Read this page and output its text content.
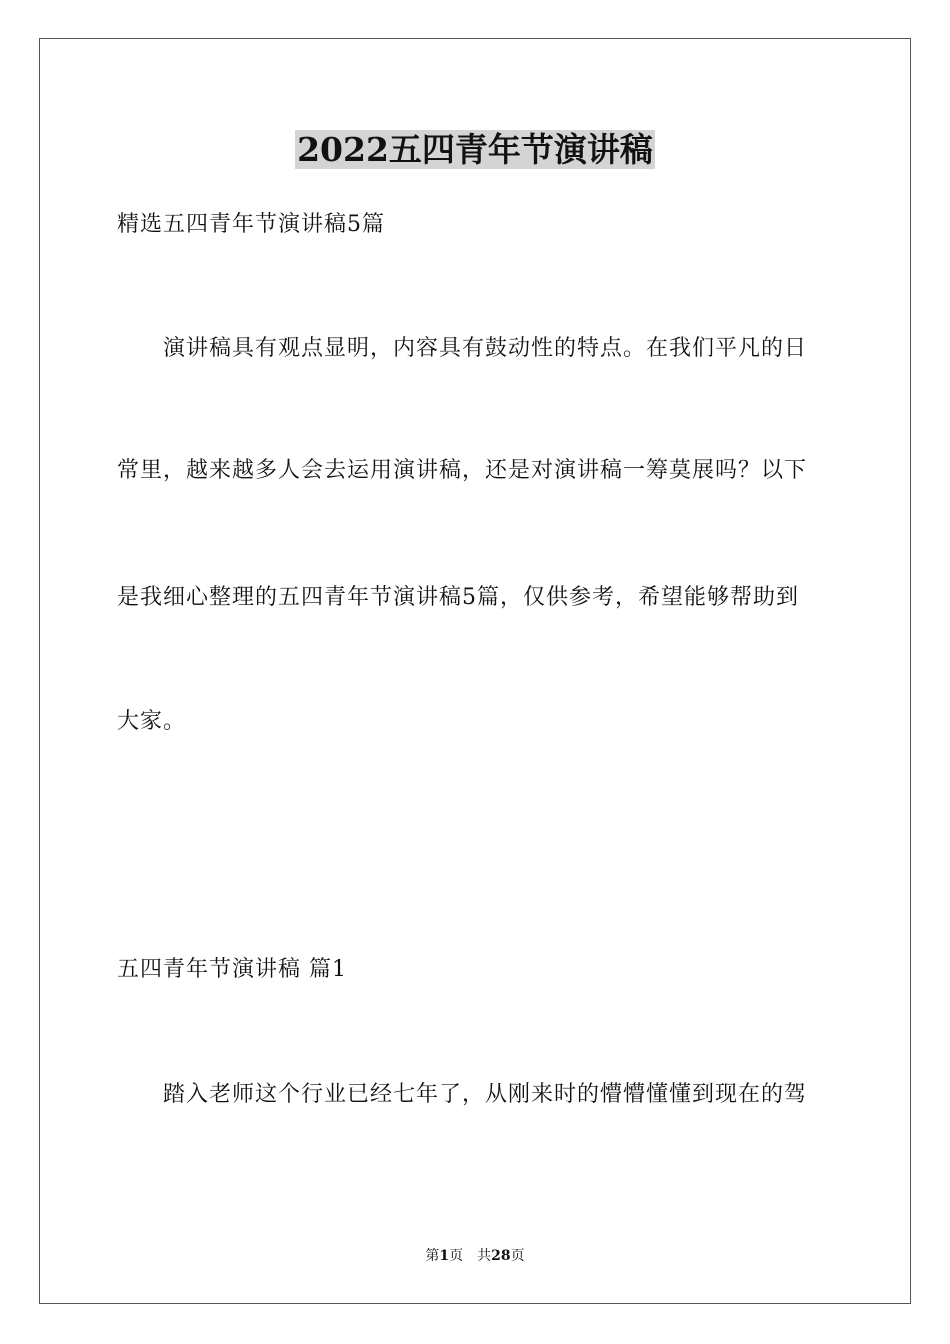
2022五四青年节演讲稿
精选五四青年节演讲稿5篇
演讲稿具有观点显明，内容具有鼓动性的特点。在我们平凡的日
常里，越来越多人会去运用演讲稿，还是对演讲稿一筹莫展吗？以下
是我细心整理的五四青年节演讲稿5篇，仅供参考，希望能够帮助到
大家。
五四青年节演讲稿 篇1
踏入老师这个行业已经七年了，从刚来时的懵懵懂懂到现在的驾
第1页 共28页
